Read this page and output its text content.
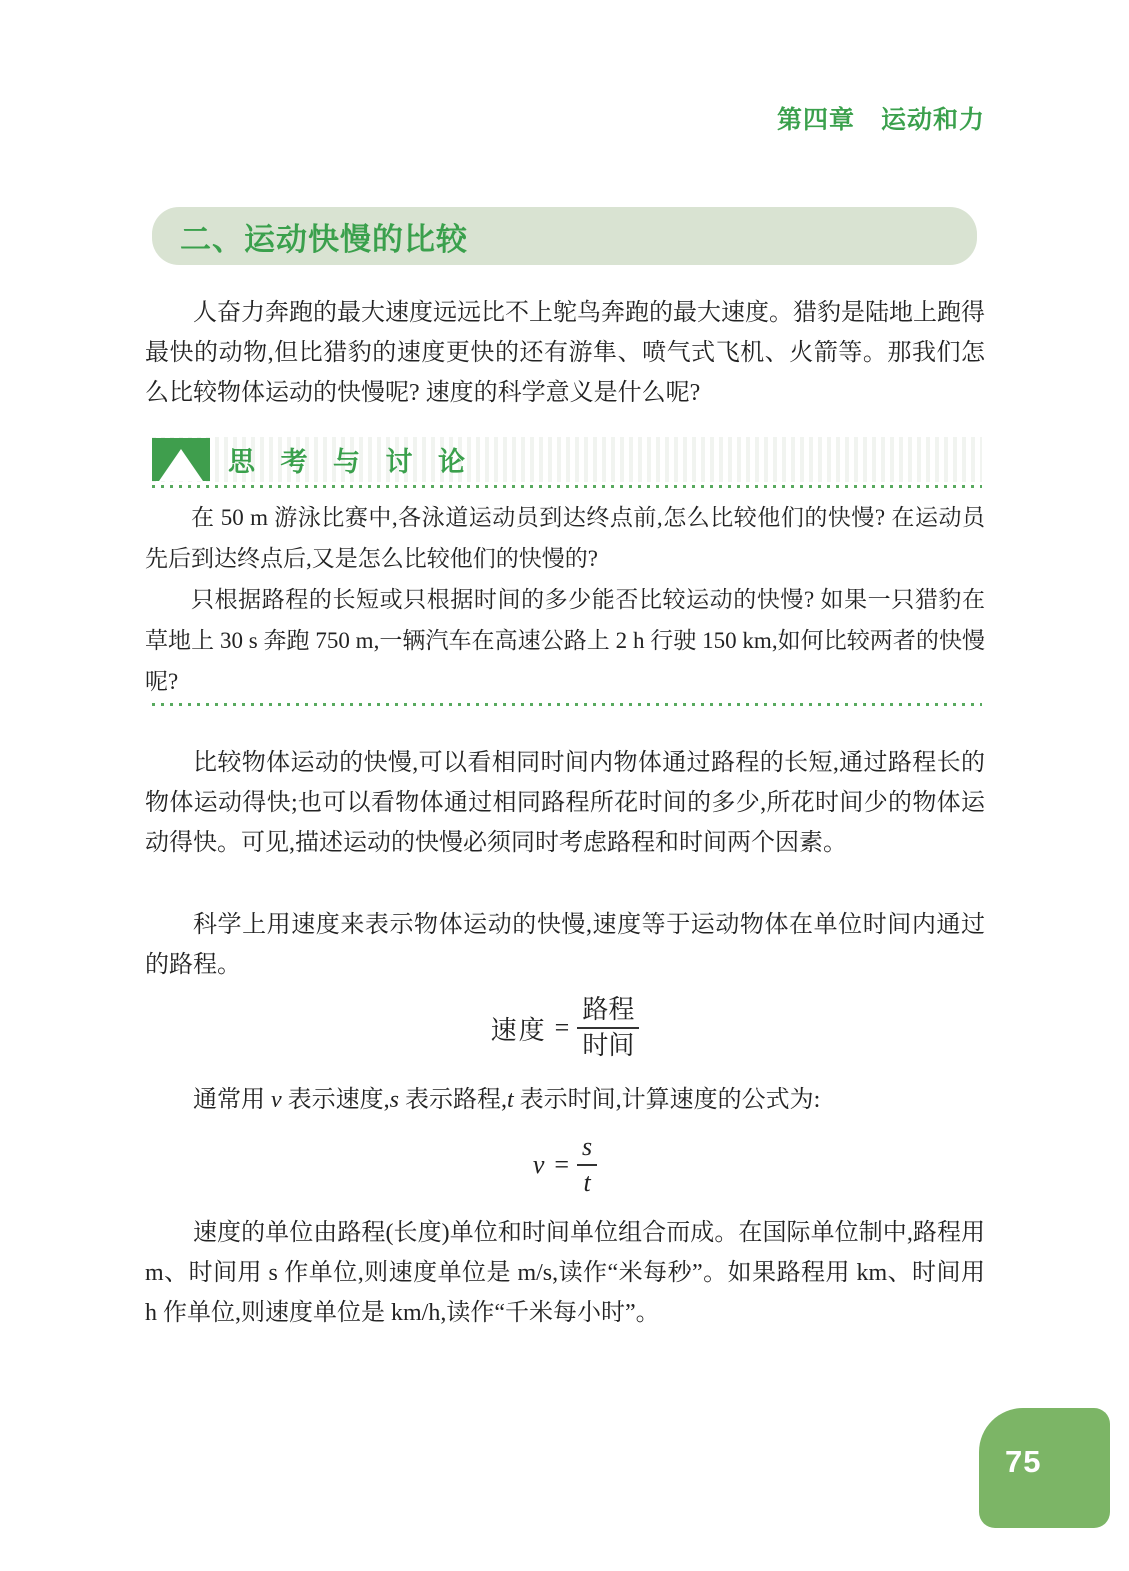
第四章　运动和力
二、运动快慢的比较

人奋力奔跑的最大速度远远比不上鸵鸟奔跑的最大速度。猎豹是陆地上跑得最快的动物,但比猎豹的速度更快的还有游隼、喷气式飞机、火箭等。那我们怎么比较物体运动的快慢呢? 速度的科学意义是什么呢?

思 考 与 讨 论

在 50 m 游泳比赛中,各泳道运动员到达终点前,怎么比较他们的快慢? 在运动员先后到达终点后,又是怎么比较他们的快慢的?

只根据路程的长短或只根据时间的多少能否比较运动的快慢? 如果一只猎豹在草地上 30 s 奔跑 750 m,一辆汽车在高速公路上 2 h 行驶 150 km,如何比较两者的快慢呢?

比较物体运动的快慢,可以看相同时间内物体通过路程的长短,通过路程长的物体运动得快;也可以看物体通过相同路程所花时间的多少,所花时间少的物体运动得快。可见,描述运动的快慢必须同时考虑路程和时间两个因素。

科学上用速度来表示物体运动的快慢,速度等于运动物体在单位时间内通过的路程。

速度 = $\frac{\text{路程}}{\text{时间}}$

通常用 v 表示速度,s 表示路程,t 表示时间,计算速度的公式为:

$v = \frac{s}{t}$

速度的单位由路程(长度)单位和时间单位组合而成。在国际单位制中,路程用 m、时间用 s 作单位,则速度单位是 m/s,读作“米每秒”。如果路程用 km、时间用 h 作单位,则速度单位是 km/h,读作“千米每小时”。

75
